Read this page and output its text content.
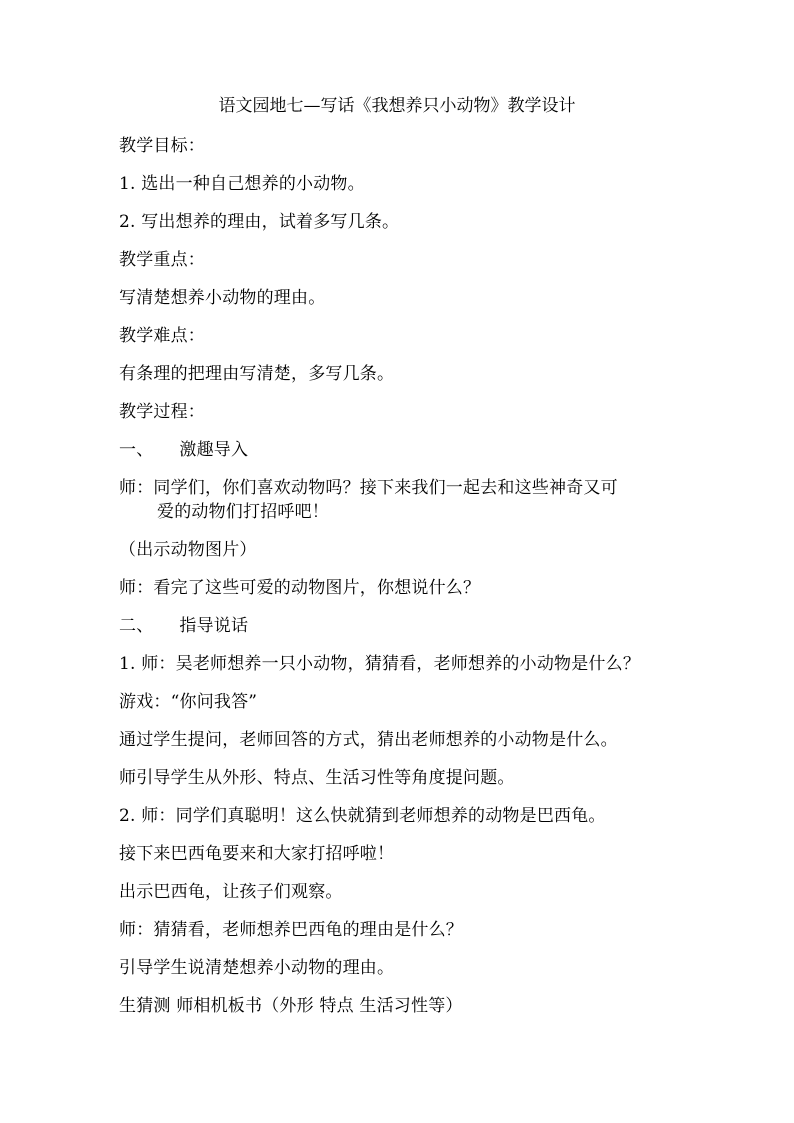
语文园地七—写话《我想养只小动物》教学设计
教学目标：
1. 选出一种自己想养的小动物。
2. 写出想养的理由，试着多写几条。
教学重点：
写清楚想养小动物的理由。
教学难点：
有条理的把理由写清楚，多写几条。
教学过程：
一、 激趣导入
师：同学们，你们喜欢动物吗？接下来我们一起去和这些神奇又可
爱的动物们打招呼吧！
（出示动物图片）
师：看完了这些可爱的动物图片，你想说什么？
二、 指导说话
1. 师：吴老师想养一只小动物，猜猜看，老师想养的小动物是什么？
游戏：“你问我答”
通过学生提问，老师回答的方式，猜出老师想养的小动物是什么。
师引导学生从外形、特点、生活习性等角度提问题。
2. 师：同学们真聪明！这么快就猜到老师想养的动物是巴西龟。
接下来巴西龟要来和大家打招呼啦！
出示巴西龟，让孩子们观察。
师：猜猜看，老师想养巴西龟的理由是什么？
引导学生说清楚想养小动物的理由。
生猜测 师相机板书（外形 特点 生活习性等）
